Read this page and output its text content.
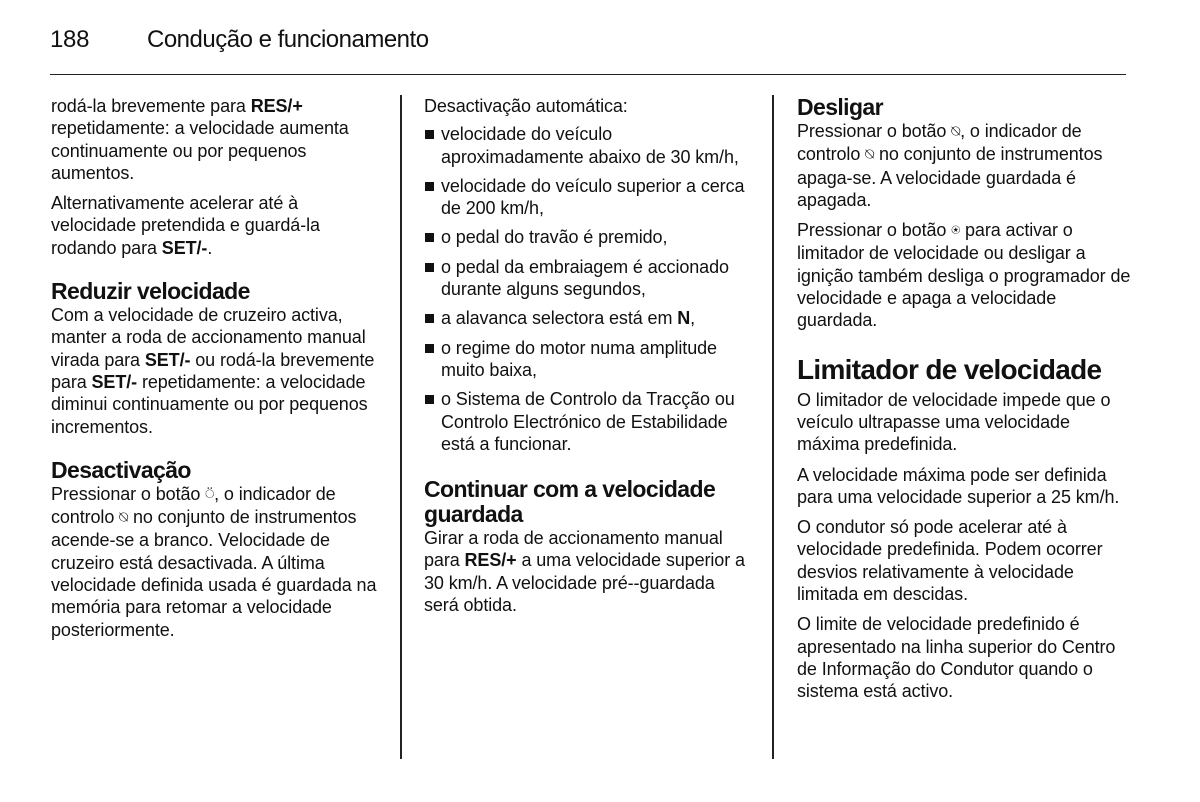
188 Condução e funcionamento

rodá-la brevemente para RES/+ repetidamente: a velocidade aumenta continuamente ou por pequenos aumentos.

Alternativamente acelerar até à velocidade pretendida e guardá-la rodando para SET/-.

Reduzir velocidade

Com a velocidade de cruzeiro activa, manter a roda de accionamento manual virada para SET/- ou rodá-la brevemente para SET/- repetidamente: a velocidade diminui continuamente ou por pequenos incrementos.

Desactivação

Pressionar o botão ⍥, o indicador de controlo ⍉ no conjunto de instrumentos acende-se a branco. Velocidade de cruzeiro está desactivada. A última velocidade definida usada é guardada na memória para retomar a velocidade posteriormente.

Desactivação automática:

velocidade do veículo aproximadamente abaixo de 30 km/h,
velocidade do veículo superior a cerca de 200 km/h,
o pedal do travão é premido,
o pedal da embraiagem é accionado durante alguns segundos,
a alavanca selectora está em N,
o regime do motor numa amplitude muito baixa,
o Sistema de Controlo da Tracção ou Controlo Electrónico de Estabilidade está a funcionar.
Continuar com a velocidade guardada

Girar a roda de accionamento manual para RES/+ a uma velocidade superior a 30 km/h. A velocidade pré--guardada será obtida.

Desligar

Pressionar o botão ⍉, o indicador de controlo ⍉ no conjunto de instrumentos apaga-se. A velocidade guardada é apagada.

Pressionar o botão ⍟ para activar o limitador de velocidade ou desligar a ignição também desliga o programador de velocidade e apaga a velocidade guardada.

Limitador de velocidade

O limitador de velocidade impede que o veículo ultrapasse uma velocidade máxima predefinida.

A velocidade máxima pode ser definida para uma velocidade superior a 25 km/h.

O condutor só pode acelerar até à velocidade predefinida. Podem ocorrer desvios relativamente à velocidade limitada em descidas.

O limite de velocidade predefinido é apresentado na linha superior do Centro de Informação do Condutor quando o sistema está activo.
